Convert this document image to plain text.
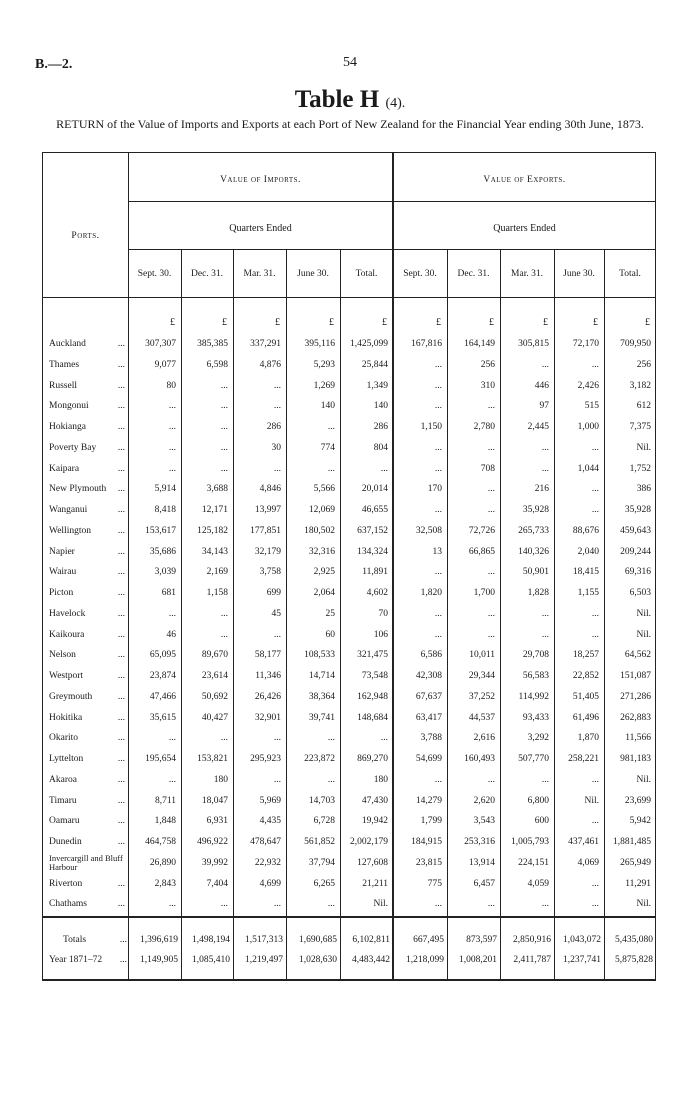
B.—2.	54
Table H (4).
RETURN of the Value of Imports and Exports at each Port of New Zealand for the Financial Year ending 30th June, 1873.
Ports.
Value of Imports.	Value of Exports.
Quarters Ended	Quarters Ended
Sept. 30.	Sept. 30.
Dec. 31.	Dec. 31.
Mar. 31.	Mar. 31.
June 30.	June 30.
Total.	Total.
£	£	£	£	£	£	£	£	£	£
Auckland	...	307,307	385,385	337,291	395,116	1,425,099	167,816	164,149	305,815	72,170	709,950
Thames	...	9,077	6,598	4,876	5,293	25,844	...	256	...	...	256
Russell	...	80	...	...	1,269	1,349	...	310	446	2,426	3,182
Mongonui	...	...	...	...	140	140	...	...	97	515	612
Hokianga	...	...	...	286	...	286	1,150	2,780	2,445	1,000	7,375
Poverty Bay	...	...	...	30	774	804	...	...	...	...	Nil.
Kaipara	...	...	...	...	...	...	...	708	...	1,044	1,752
New Plymouth	...	5,914	3,688	4,846	5,566	20,014	170	...	216	...	386
Wanganui	...	8,418	12,171	13,997	12,069	46,655	...	...	35,928	...	35,928
Wellington	...	153,617	125,182	177,851	180,502	637,152	32,508	72,726	265,733	88,676	459,643
Napier	...	35,686	34,143	32,179	32,316	134,324	13	66,865	140,326	2,040	209,244
Wairau	...	3,039	2,169	3,758	2,925	11,891	...	...	50,901	18,415	69,316
Picton	...	681	1,158	699	2,064	4,602	1,820	1,700	1,828	1,155	6,503
Havelock	...	...	...	45	25	70	...	...	...	...	Nil.
Kaikoura	...	46	...	...	60	106	...	...	...	...	Nil.
Nelson	...	65,095	89,670	58,177	108,533	321,475	6,586	10,011	29,708	18,257	64,562
Westport	...	23,874	23,614	11,346	14,714	73,548	42,308	29,344	56,583	22,852	151,087
Greymouth	...	47,466	50,692	26,426	38,364	162,948	67,637	37,252	114,992	51,405	271,286
Hokitika	...	35,615	40,427	32,901	39,741	148,684	63,417	44,537	93,433	61,496	262,883
Okarito	...	...	...	...	...	...	3,788	2,616	3,292	1,870	11,566
Lyttelton	...	195,654	153,821	295,923	223,872	869,270	54,699	160,493	507,770	258,221	981,183
Akaroa	...	...	180	...	...	180	...	...	...	...	Nil.
Timaru	...	8,711	18,047	5,969	14,703	47,430	14,279	2,620	6,800	Nil.	23,699
Oamaru	...	1,848	6,931	4,435	6,728	19,942	1,799	3,543	600	...	5,942
Dunedin	...	464,758	496,922	478,647	561,852	2,002,179	184,915	253,316	1,005,793	437,461	1,881,485
Invercargill and Bluff Harbour	26,890	39,992	22,932	37,794	127,608	23,815	13,914	224,151	4,069	265,949
Riverton	...	2,843	7,404	4,699	6,265	21,211	775	6,457	4,059	...	11,291
Chathams	...	...	...	...	...	Nil.	...	...	...	...	Nil.
Totals	...	1,396,619	1,498,194	1,517,313	1,690,685	6,102,811	667,495	873,597	2,850,916	1,043,072	5,435,080
Year 1871–72	...	1,149,905	1,085,410	1,219,497	1,028,630	4,483,442	1,218,099	1,008,201	2,411,787	1,237,741	5,875,828
